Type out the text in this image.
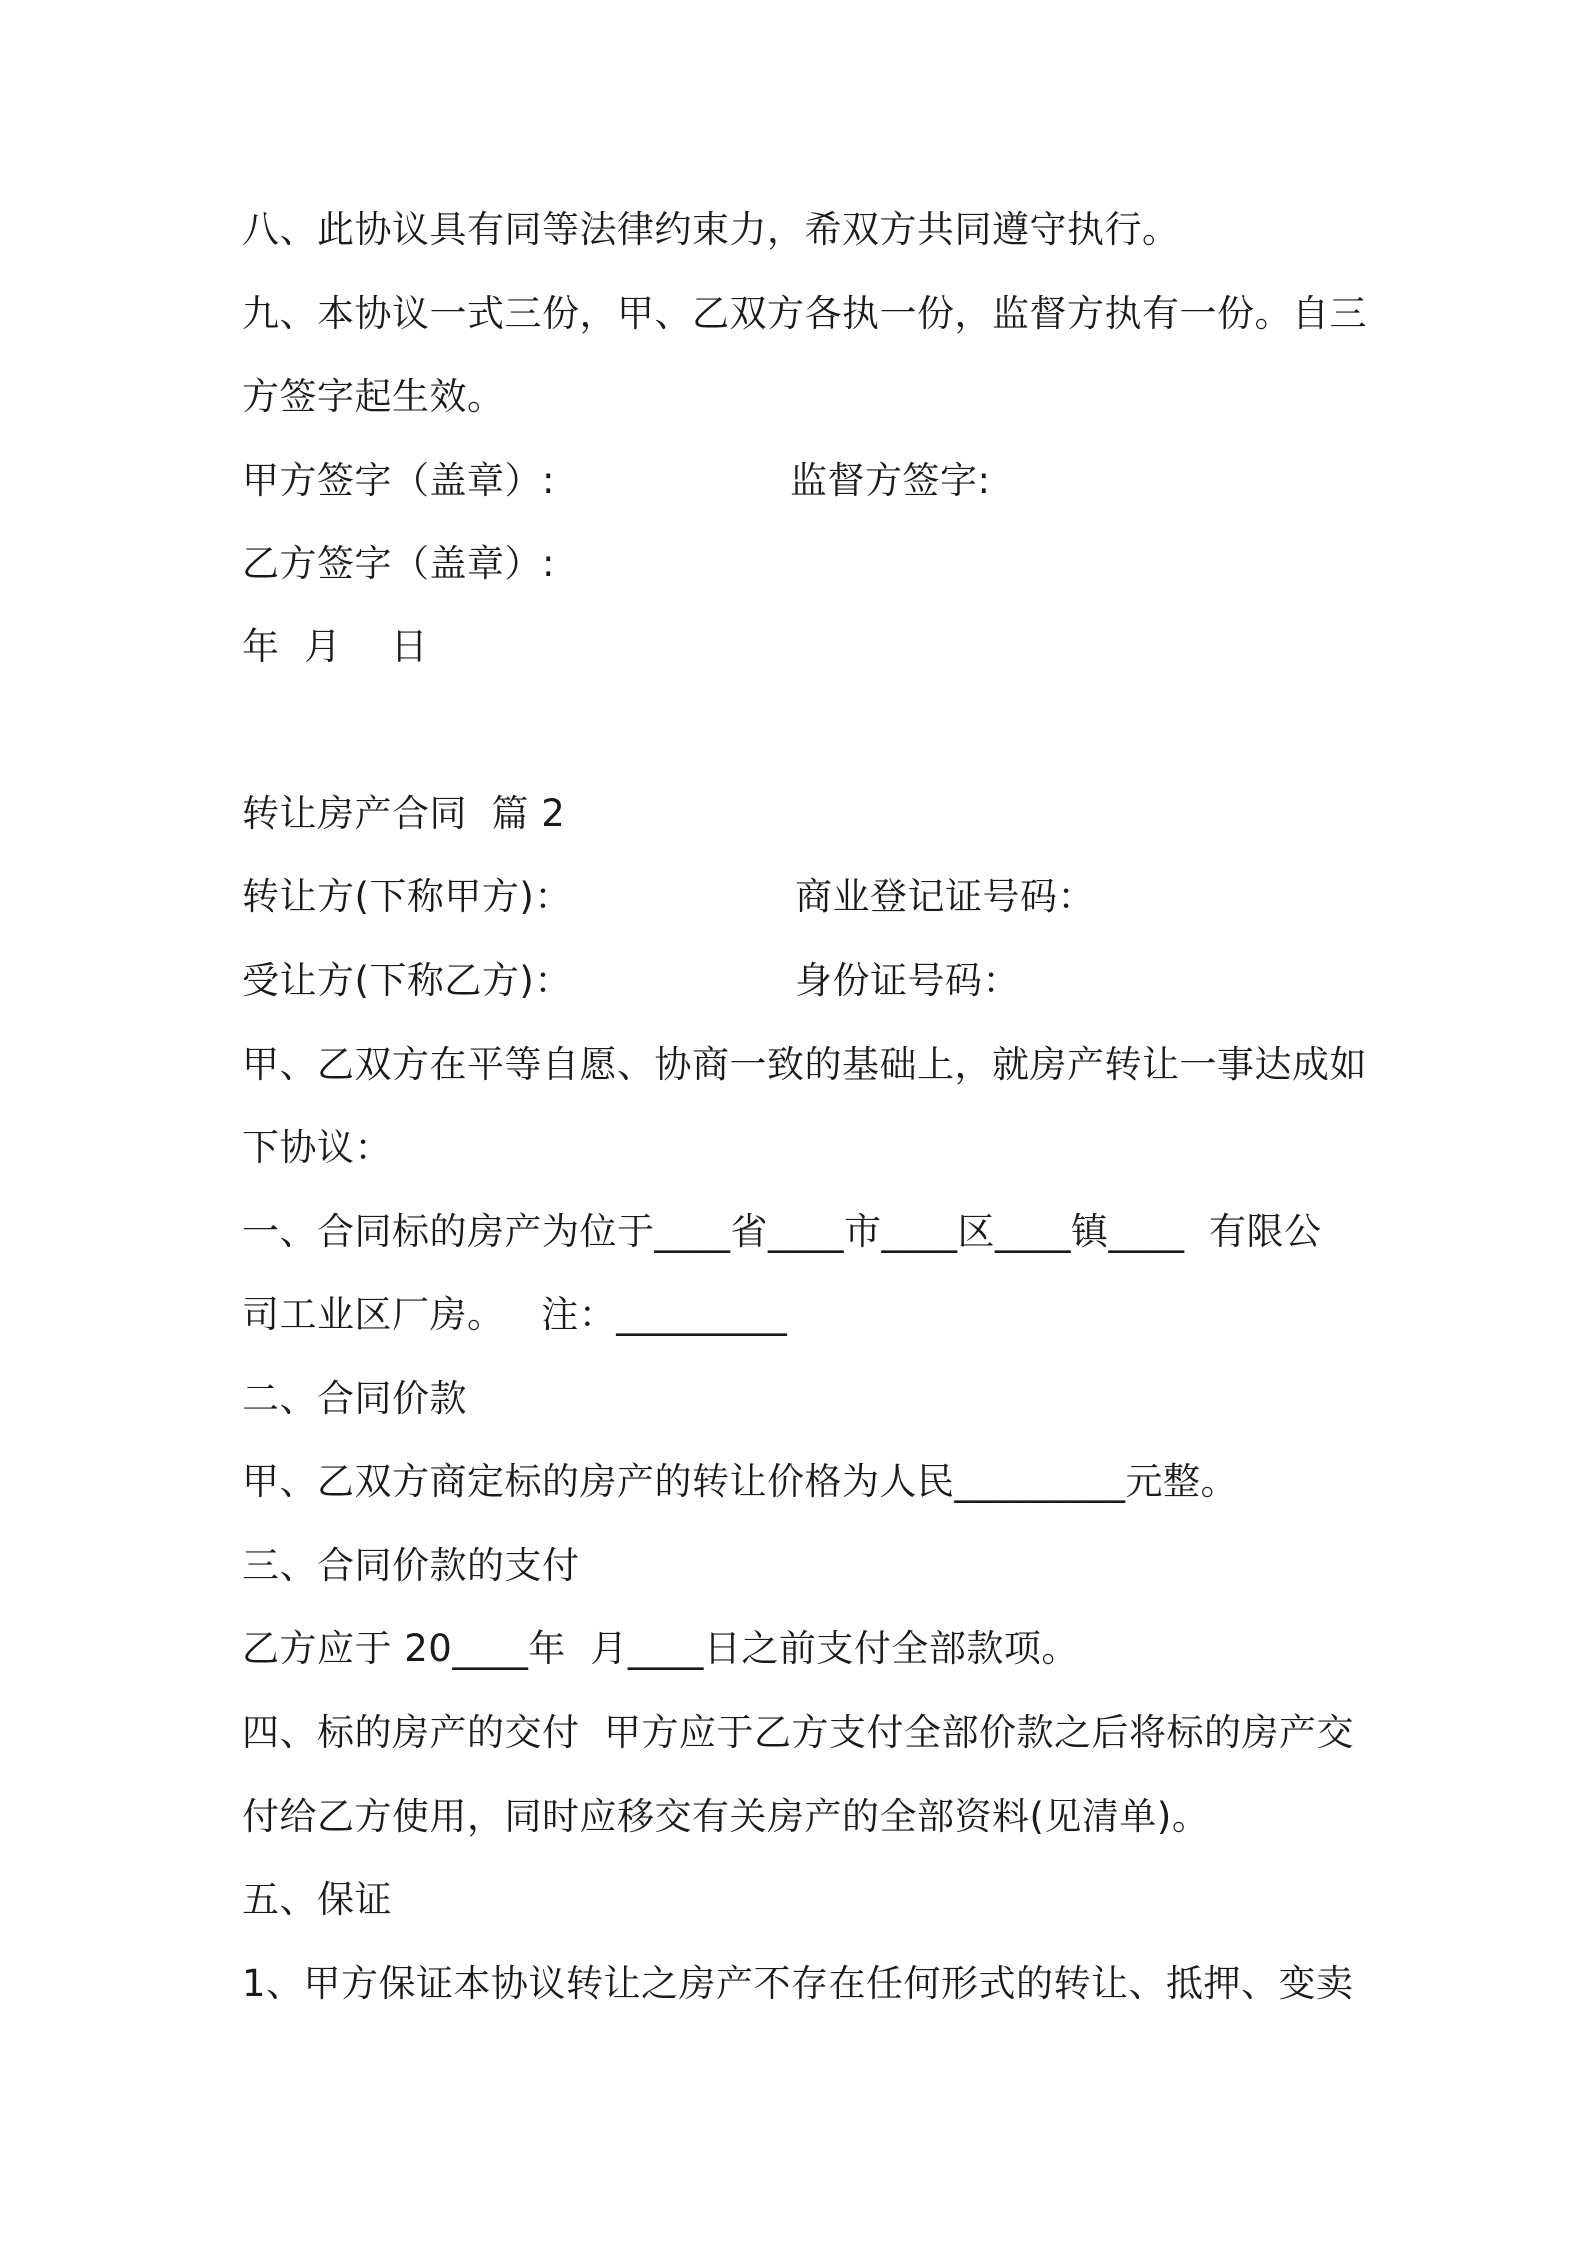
八、此协议具有同等法律约束力，希双方共同遵守执行。
九、本协议一式三份，甲、乙双方各执一份，监督方执有一份。自三
方签字起生效。
甲方签字（盖章）:	监督方签字:
乙方签字（盖章）:
年  月    日
转让房产合同  篇 2
转让方(下称甲方)：	商业登记证号码：
受让方(下称乙方)：	身份证号码：
甲、乙双方在平等自愿、协商一致的基础上，就房产转让一事达成如
下协议：
一、合同标的房产为位于____省____市____区____镇____  有限公
司工业区厂房。   注：_________
二、合同价款
甲、乙双方商定标的房产的转让价格为人民_________元整。
三、合同价款的支付
乙方应于 20____年  月____日之前支付全部款项。
四、标的房产的交付  甲方应于乙方支付全部价款之后将标的房产交
付给乙方使用，同时应移交有关房产的全部资料(见清单)。
五、保证
1、甲方保证本协议转让之房产不存在任何形式的转让、抵押、变卖
